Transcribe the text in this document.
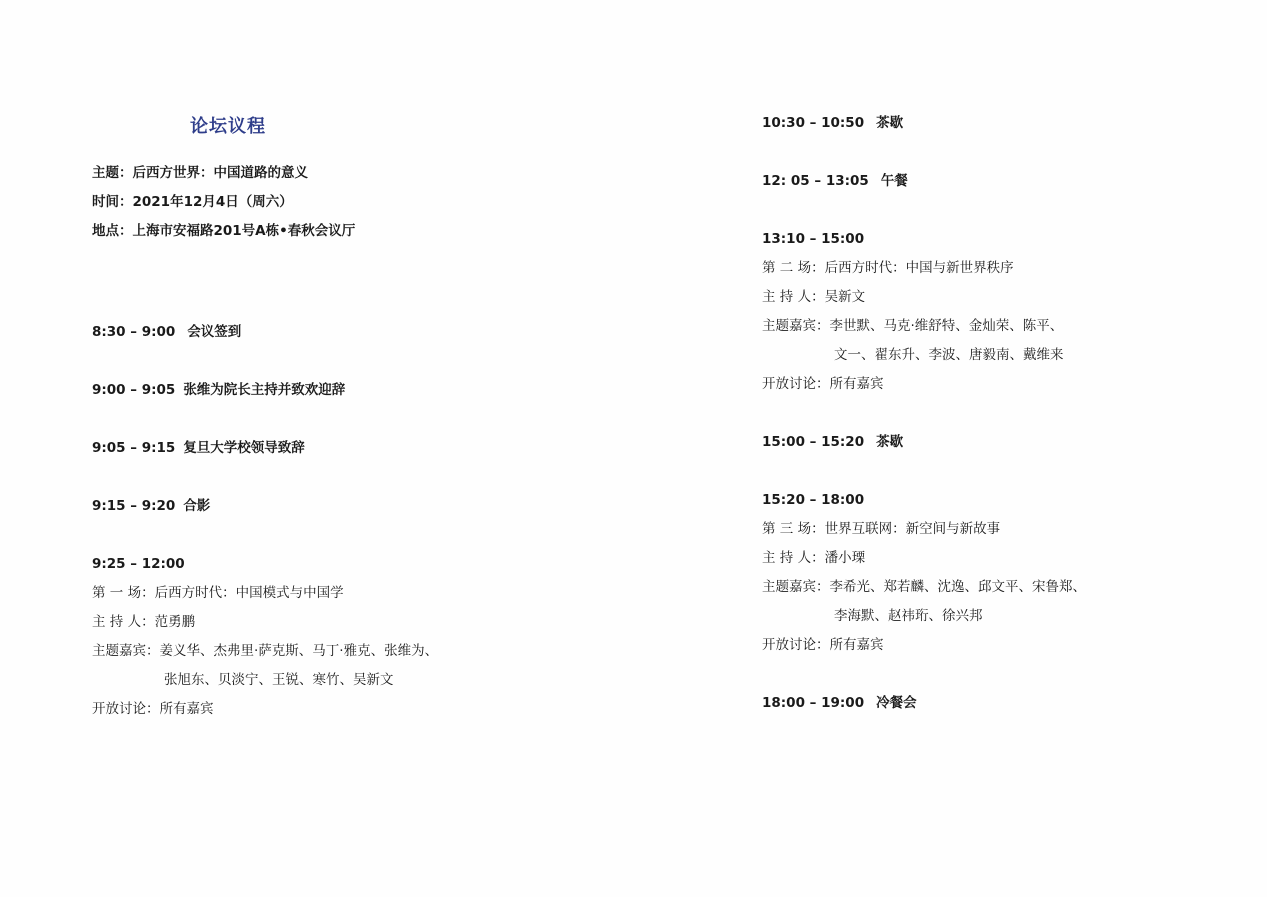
论坛议程
主题：后西方世界：中国道路的意义
时间：2021年12月4日（周六）
地点：上海市安福路201号A栋•春秋会议厅
8:30 – 9:00 会议签到
9:00 – 9:05 张维为院长主持并致欢迎辞
9:05 – 9:15 复旦大学校领导致辞
9:15 – 9:20 合影
9:25 – 12:00
第 一 场：后西方时代：中国模式与中国学
主 持 人：范勇鹏
主题嘉宾：姜义华、杰弗里·萨克斯、马丁·雅克、张维为、
张旭东、贝淡宁、王锐、寒竹、吴新文
开放讨论：所有嘉宾
10:30 – 10:50 茶歇
12: 05 – 13:05 午餐
13:10 – 15:00
第 二 场：后西方时代：中国与新世界秩序
主 持 人：吴新文
主题嘉宾：李世默、马克·维舒特、金灿荣、陈平、
文一、翟东升、李波、唐毅南、戴维来
开放讨论：所有嘉宾
15:00 – 15:20 茶歇
15:20 – 18:00
第 三 场：世界互联网：新空间与新故事
主 持 人：潘小瑮
主题嘉宾：李希光、郑若麟、沈逸、邱文平、宋鲁郑、
李海默、赵祎珩、徐兴邦
开放讨论：所有嘉宾
18:00 – 19:00 冷餐会
